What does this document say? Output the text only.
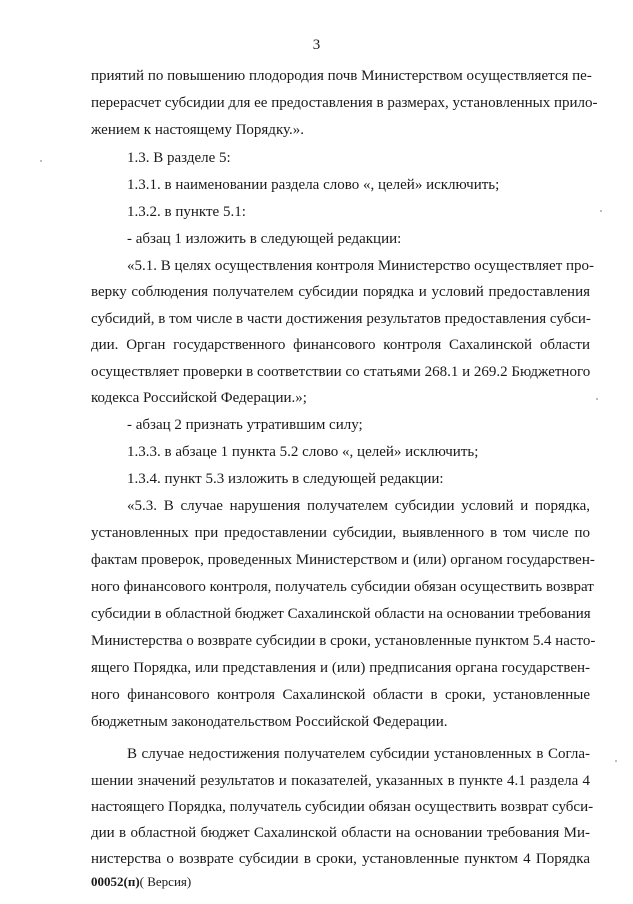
3
приятий по повышению плодородия почв Министерством осуществляется пе-
перерасчет субсидии для ее предоставления в размерах, установленных прило-
жением к настоящему Порядку.».
1.3. В разделе 5:
1.3.1. в наименовании раздела слово «, целей» исключить;
1.3.2. в пункте 5.1:
- абзац 1 изложить в следующей редакции:
«5.1. В целях осуществления контроля Министерство осуществляет про-
верку соблюдения получателем субсидии порядка и условий предоставления
субсидий, в том числе в части достижения результатов предоставления субси-
дии. Орган государственного финансового контроля Сахалинской области
осуществляет проверки в соответствии со статьями 268.1 и 269.2 Бюджетного
кодекса Российской Федерации.»;
- абзац 2 признать утратившим силу;
1.3.3. в абзаце 1 пункта 5.2 слово «, целей» исключить;
1.3.4. пункт 5.3 изложить в следующей редакции:
«5.3. В случае нарушения получателем субсидии условий и порядка,
установленных при предоставлении субсидии, выявленного в том числе по
фактам проверок, проведенных Министерством и (или) органом государствен-
ного финансового контроля, получатель субсидии обязан осуществить возврат
субсидии в областной бюджет Сахалинской области на основании требования
Министерства о возврате субсидии в сроки, установленные пунктом 5.4 насто-
ящего Порядка, или представления и (или) предписания органа государствен-
ного финансового контроля Сахалинской области в сроки, установленные
бюджетным законодательством Российской Федерации.
В случае недостижения получателем субсидии установленных в Согла-
шении значений результатов и показателей, указанных в пункте 4.1 раздела 4
настоящего Порядка, получатель субсидии обязан осуществить возврат субси-
дии в областной бюджет Сахалинской области на основании требования Ми-
нистерства о возврате субсидии в сроки, установленные пунктом 4 Порядка
00052(п)( Версия)
